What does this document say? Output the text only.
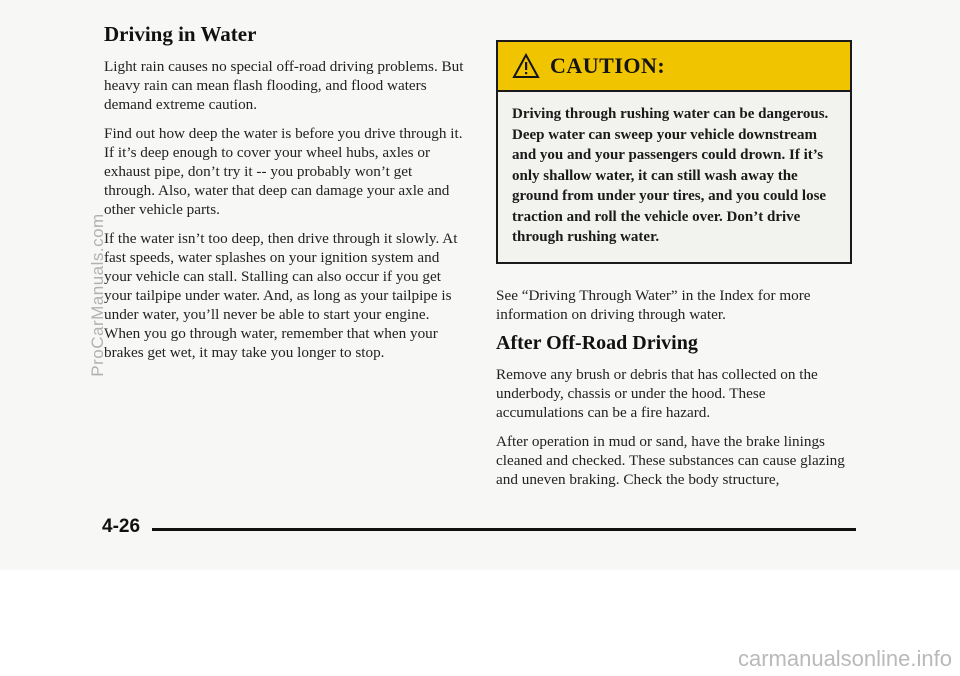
ProCarManuals.com
Driving in Water

Light rain causes no special off-road driving problems. But heavy rain can mean flash flooding, and flood waters demand extreme caution.

Find out how deep the water is before you drive through it. If it’s deep enough to cover your wheel hubs, axles or exhaust pipe, don’t try it -- you probably won’t get through. Also, water that deep can damage your axle and other vehicle parts.

If the water isn’t too deep, then drive through it slowly. At fast speeds, water splashes on your ignition system and your vehicle can stall. Stalling can also occur if you get your tailpipe under water. And, as long as your tailpipe is under water, you’ll never be able to start your engine. When you go through water, remember that when your brakes get wet, it may take you longer to stop.

CAUTION:
Driving through rushing water can be dangerous. Deep water can sweep your vehicle downstream and you and your passengers could drown. If it’s only shallow water, it can still wash away the ground from under your tires, and you could lose traction and roll the vehicle over. Don’t drive through rushing water.

See “Driving Through Water” in the Index for more information on driving through water.

After Off-Road Driving

Remove any brush or debris that has collected on the underbody, chassis or under the hood. These accumulations can be a fire hazard.

After operation in mud or sand, have the brake linings cleaned and checked. These substances can cause glazing and uneven braking. Check the body structure,

4-26
carmanualsonline.info
